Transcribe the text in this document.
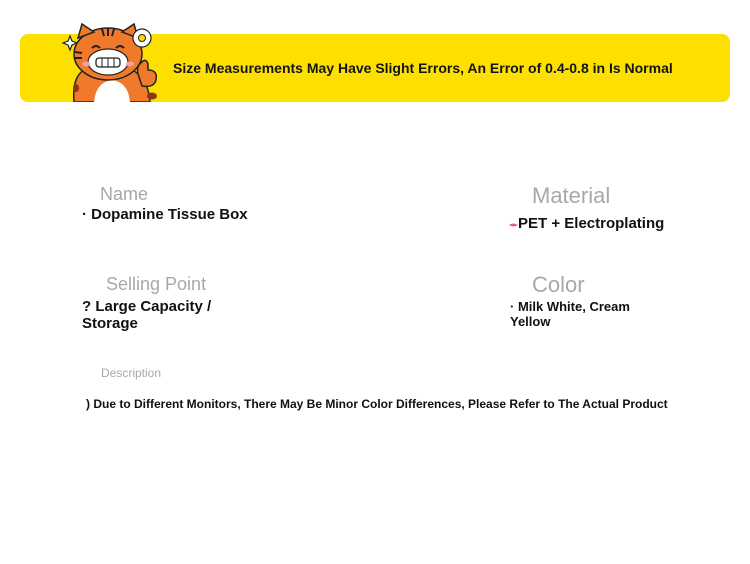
Size Measurements May Have Slight Errors, An Error of 0.4-0.8 in Is Normal
Name
· Dopamine Tissue Box
Material
PET + Electroplating
Selling Point
? Large Capacity / Storage
Color
· Milk White, Cream Yellow
Description
) Due to Different Monitors, There May Be Minor Color Differences, Please Refer to The Actual Product
